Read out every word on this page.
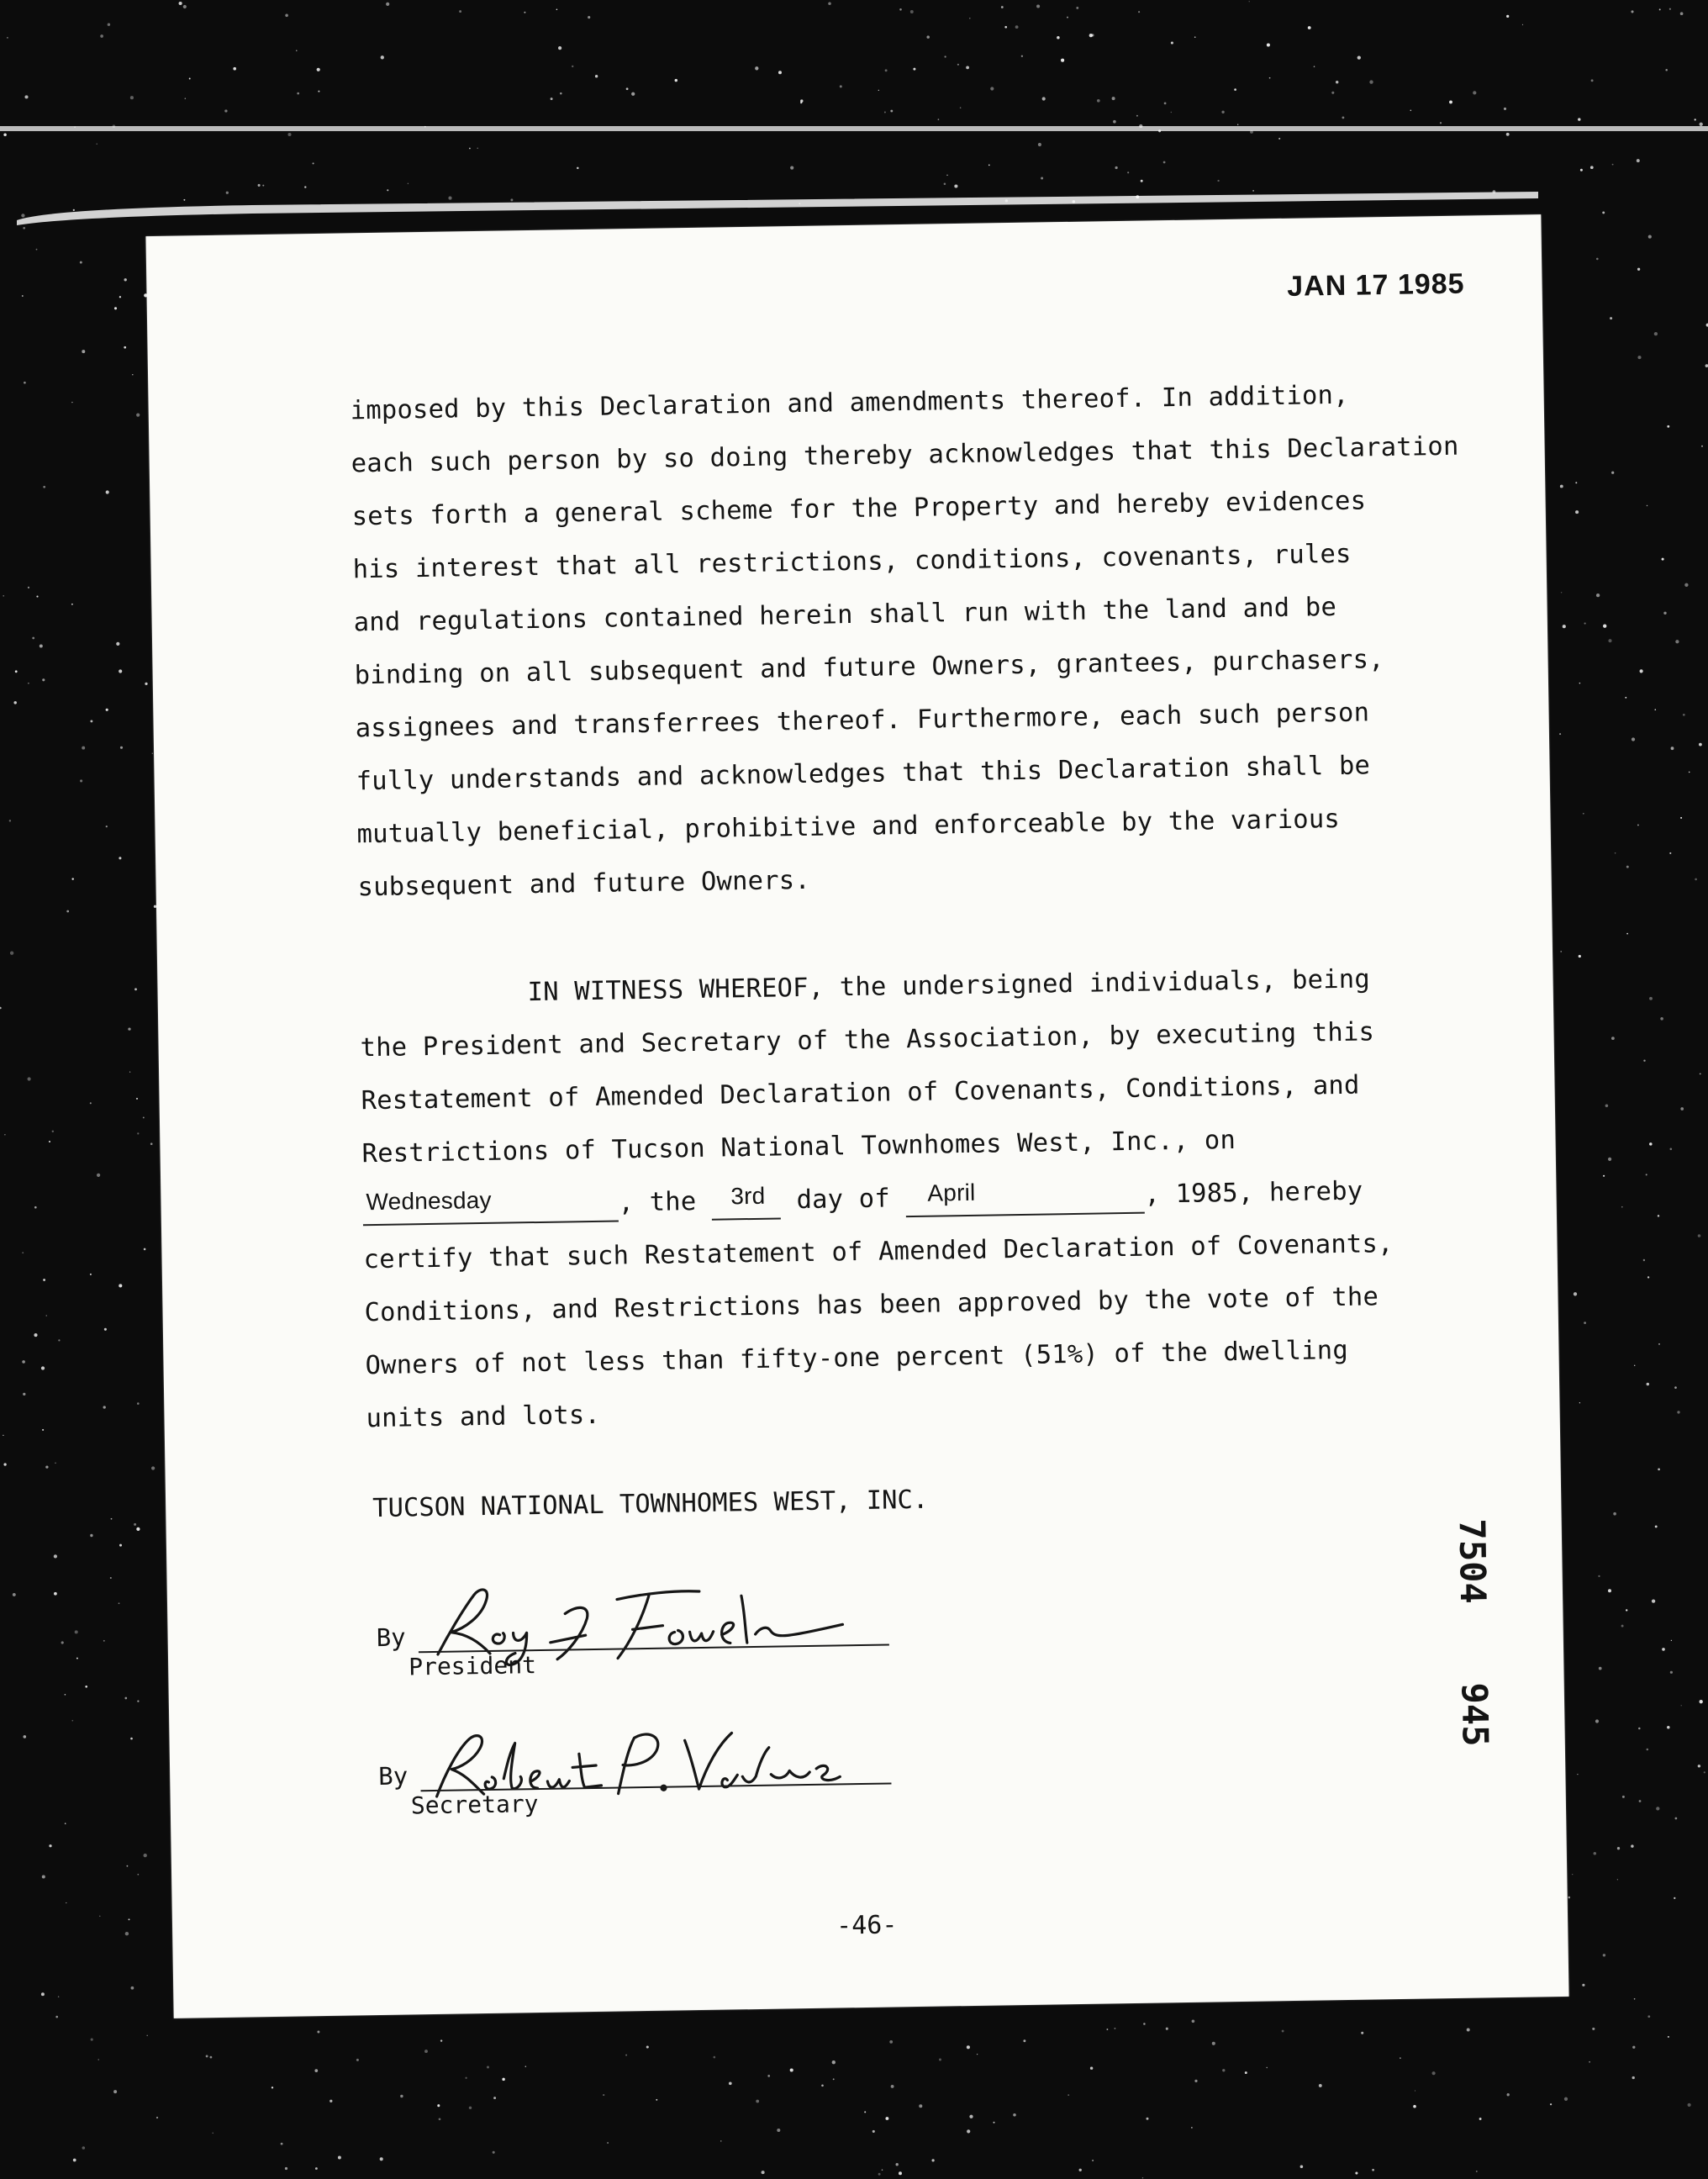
JAN 17 1985
imposed by this Declaration and amendments thereof. In addition,
each such person by so doing thereby acknowledges that this Declaration
sets forth a general scheme for the Property and hereby evidences
his interest that all restrictions, conditions, covenants, rules
and regulations contained herein shall run with the land and be
binding on all subsequent and future Owners, grantees, purchasers,
assignees and transferrees thereof. Furthermore, each such person
fully understands and acknowledges that this Declaration shall be
mutually beneficial, prohibitive and enforceable by the various
subsequent and future Owners.
IN WITNESS WHEREOF, the undersigned individuals, being
the President and Secretary of the Association, by executing this
Restatement of Amended Declaration of Covenants, Conditions, and
Restrictions of Tucson National Townhomes West, Inc., on
Wednesday	, the 3rd day of April	, 1985, hereby
certify that such Restatement of Amended Declaration of Covenants,
Conditions, and Restrictions has been approved by the vote of the
Owners of not less than fifty-one percent (51%) of the dwelling
units and lots.
TUCSON NATIONAL TOWNHOMES WEST, INC.
By
President
By
Secretary
7504
945
-46-
